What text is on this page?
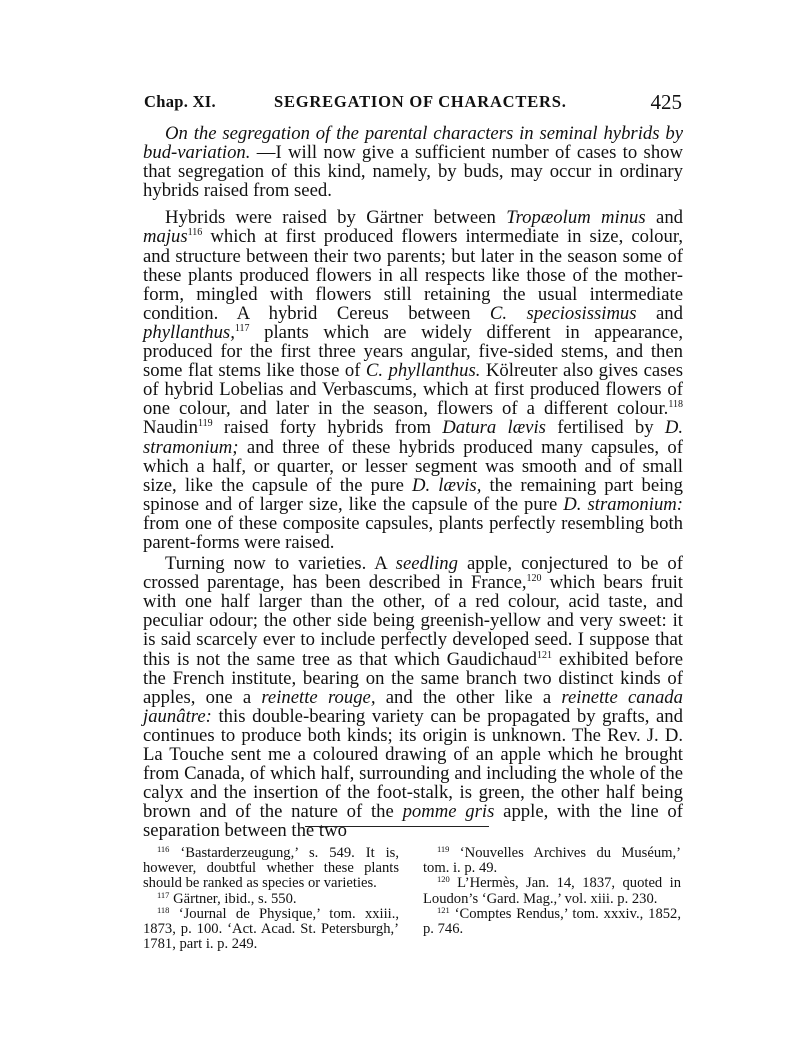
Chap. XI.	SEGREGATION OF CHARACTERS.	425

On the segregation of the parental characters in seminal hybrids by bud-variation. —I will now give a sufficient number of cases to show that segregation of this kind, namely, by buds, may occur in ordinary hybrids raised from seed.

Hybrids were raised by Gärtner between Tropæolum minus and majus$^{116}$ which at first produced flowers intermediate in size, colour, and structure between their two parents; but later in the season some of these plants produced flowers in all respects like those of the mother-form, mingled with flowers still retaining the usual intermediate condition. A hybrid Cereus between C. speciosissimus and phyllanthus,$^{117}$ plants which are widely different in appearance, produced for the first three years angular, five-sided stems, and then some flat stems like those of C. phyllanthus. Kölreuter also gives cases of hybrid Lobelias and Verbascums, which at first produced flowers of one colour, and later in the season, flowers of a different colour.$^{118}$ Naudin$^{119}$ raised forty hybrids from Datura lævis fertilised by D. stramonium; and three of these hybrids produced many capsules, of which a half, or quarter, or lesser segment was smooth and of small size, like the capsule of the pure D. lævis, the remaining part being spinose and of larger size, like the capsule of the pure D. stramonium: from one of these composite capsules, plants perfectly resembling both parent-forms were raised.

Turning now to varieties. A seedling apple, conjectured to be of crossed parentage, has been described in France,$^{120}$ which bears fruit with one half larger than the other, of a red colour, acid taste, and peculiar odour; the other side being greenish-yellow and very sweet: it is said scarcely ever to include perfectly developed seed. I suppose that this is not the same tree as that which Gaudichaud$^{121}$ exhibited before the French institute, bearing on the same branch two distinct kinds of apples, one a reinette rouge, and the other like a reinette canada jaunâtre: this double-bearing variety can be propagated by grafts, and continues to produce both kinds; its origin is unknown. The Rev. J. D. La Touche sent me a coloured drawing of an apple which he brought from Canada, of which half, surrounding and including the whole of the calyx and the insertion of the foot-stalk, is green, the other half being brown and of the nature of the pomme gris apple, with the line of separation between the two

$^{116}$ ‘Bastarderzeugung,’ s. 549. It is, however, doubtful whether these plants should be ranked as species or varieties.

$^{117}$ Gärtner, ibid., s. 550.

$^{118}$ ‘Journal de Physique,’ tom. xxiii., 1873, p. 100. ‘Act. Acad. St. Petersburgh,’ 1781, part i. p. 249.

$^{119}$ ‘Nouvelles Archives du Muséum,’ tom. i. p. 49.

$^{120}$ L’Hermès, Jan. 14, 1837, quoted in Loudon’s ‘Gard. Mag.,’ vol. xiii. p. 230.

$^{121}$ ‘Comptes Rendus,’ tom. xxxiv., 1852, p. 746.
